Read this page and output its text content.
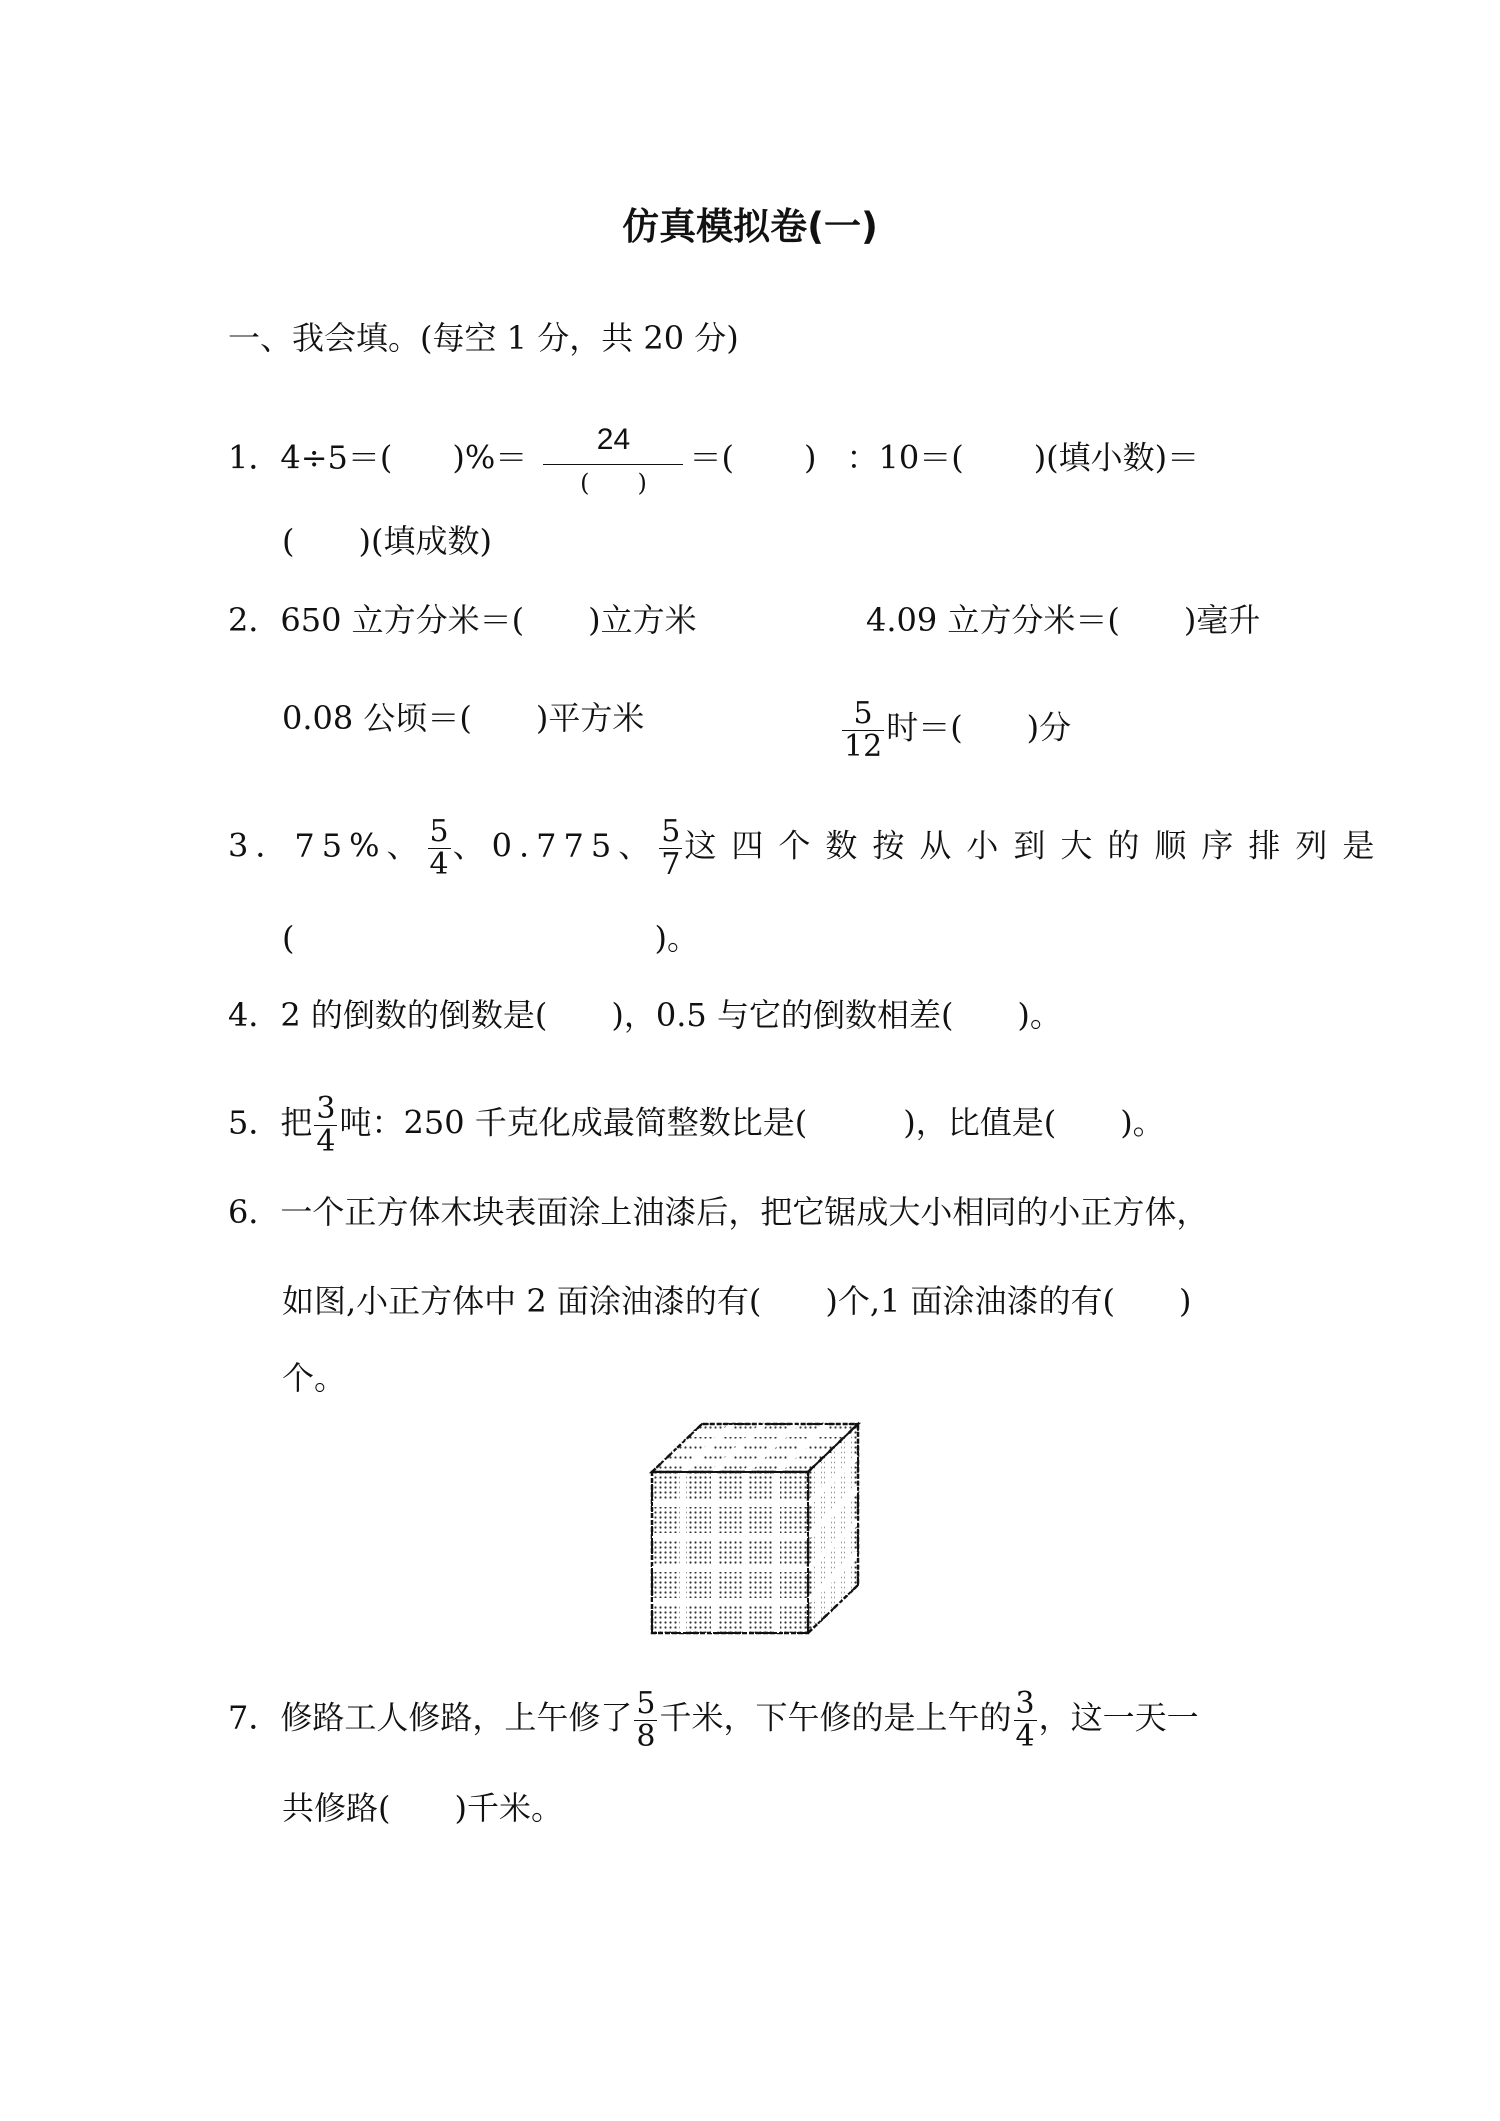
仿真模拟卷(一)
一、我会填。(每空 1 分，共 20 分)
1．4÷5＝( )%＝ 24
(　　)
＝( ) ：10＝( )(填小数)＝
(　　)(填成数)
2．650 立方分米＝(　　)立方米	4.09 立方分米＝(　　)毫升
0.08 公顷＝(　　)平方米	$\frac{5}{12}$ 时＝(　　)分
3．75%、 $\frac{5}{4}$ 、0.775、 $\frac{5}{7}$ 这四个数按从小到大的顺序排列是
(	)。
4．2 的倒数的倒数是(　　)，0.5 与它的倒数相差(　　)。
5．把 $\frac{3}{4}$ 吨：250 千克化成最简整数比是(　　　)，比值是(　　)。
6．一个正方体木块表面涂上油漆后，把它锯成大小相同的小正方体，
如图,小正方体中 2 面涂油漆的有(　　)个,1 面涂油漆的有(　　)
个。
7．修路工人修路，上午修了 $\frac{5}{8}$ 千米，下午修的是上午的 $\frac{3}{4}$ ，这一天一
共修路(　　)千米。
